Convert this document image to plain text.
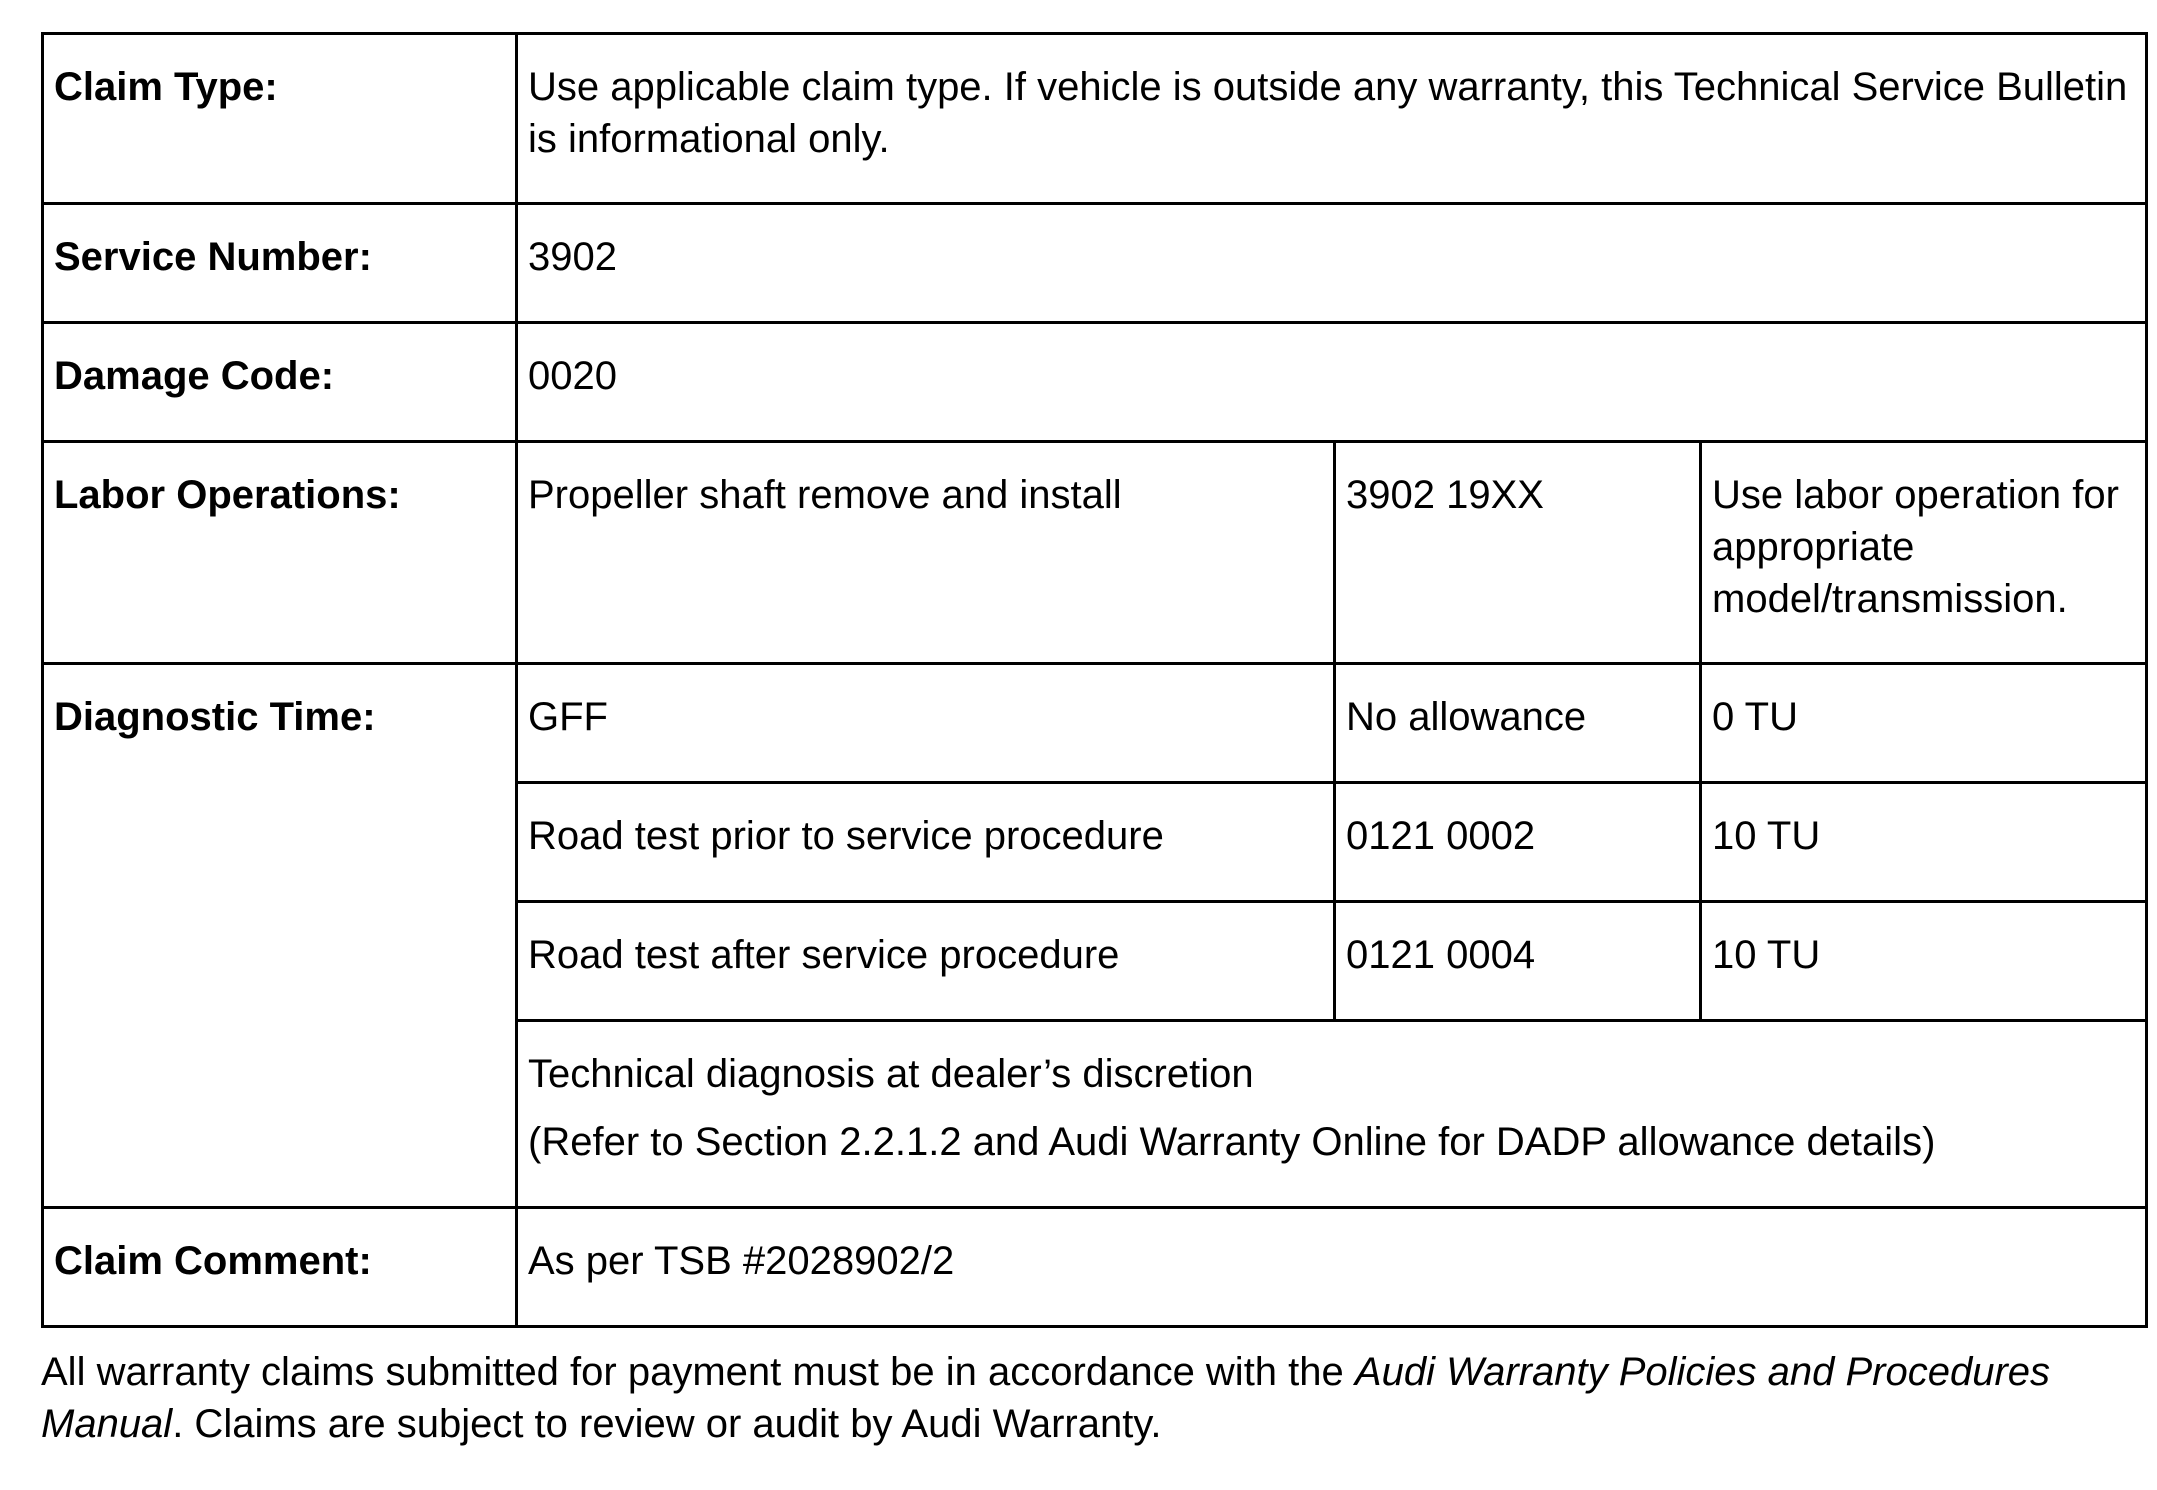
Claim Type:	Use applicable claim type. If vehicle is outside any warranty, this Technical Service Bulletin is informational only.		
Service Number:	3902		
Damage Code:	0020		
Labor Operations:	Propeller shaft remove and install	3902 19XX	Use labor operation for appropriate model/transmission.
Diagnostic Time:	GFF	No allowance	0 TU
	Road test prior to service procedure	0121 0002	10 TU
	Road test after service procedure	0121 0004	10 TU

	Technical diagnosis at dealer’s discretion
(Refer to Section 2.2.1.2 and Audi Warranty Online for DADP allowance details)		

Claim Comment:	As per TSB #2028902/2		

All warranty claims submitted for payment must be in accordance with the Audi Warranty Policies and Procedures Manual. Claims are subject to review or audit by Audi Warranty.
